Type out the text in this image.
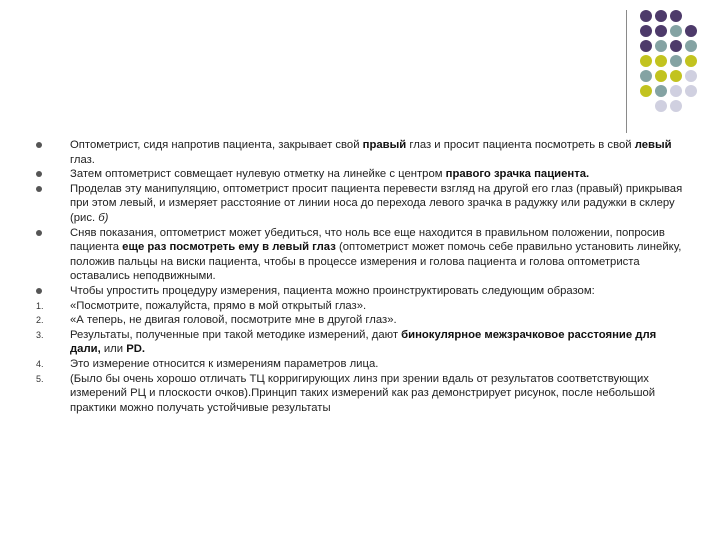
Оптометрист, сидя напротив пациента, закрывает свой правый глаз и просит пациента посмотреть в свой левый глаз.
Затем оптометрист совмещает нулевую отметку на линейке с центром правого зрачка пациента.
Проделав эту манипуляцию, оптометрист просит пациента перевести взгляд на другой его глаз (правый) прикрывая при этом левый, и измеряет расстояние от линии носа до перехода левого зрачка в радужку или радужки в склеру (рис. б)
Сняв показания, оптометрист может убедиться, что ноль все еще находится в правильном положении, попросив пациента еще раз посмотреть ему в левый глаз (оптометрист может помочь себе правильно установить линейку, положив пальцы на виски пациента, чтобы в процессе измерения и голова пациента и голова оптометриста оставались неподвижными.
Чтобы упростить процедуру измерения, пациента можно проинструктировать следующим образом:
1.	«Посмотрите, пожалуйста, прямо в мой открытый глаз».
2.	«А теперь, не двигая головой, посмотрите мне в другой глаз».
3.	Результаты, полученные при такой методике измерений, дают бинокулярное межзрачковое расстояние для дали, или PD.
4.	Это измерение относится к измерениям параметров лица.
5.	(Было бы очень хорошо отличать ТЦ корригирующих линз при зрении вдаль от результатов соответствующих измерений РЦ и плоскости очков).Принцип таких измерений как раз демонстрирует рисунок, после небольшой практики можно получать устойчивые результаты
